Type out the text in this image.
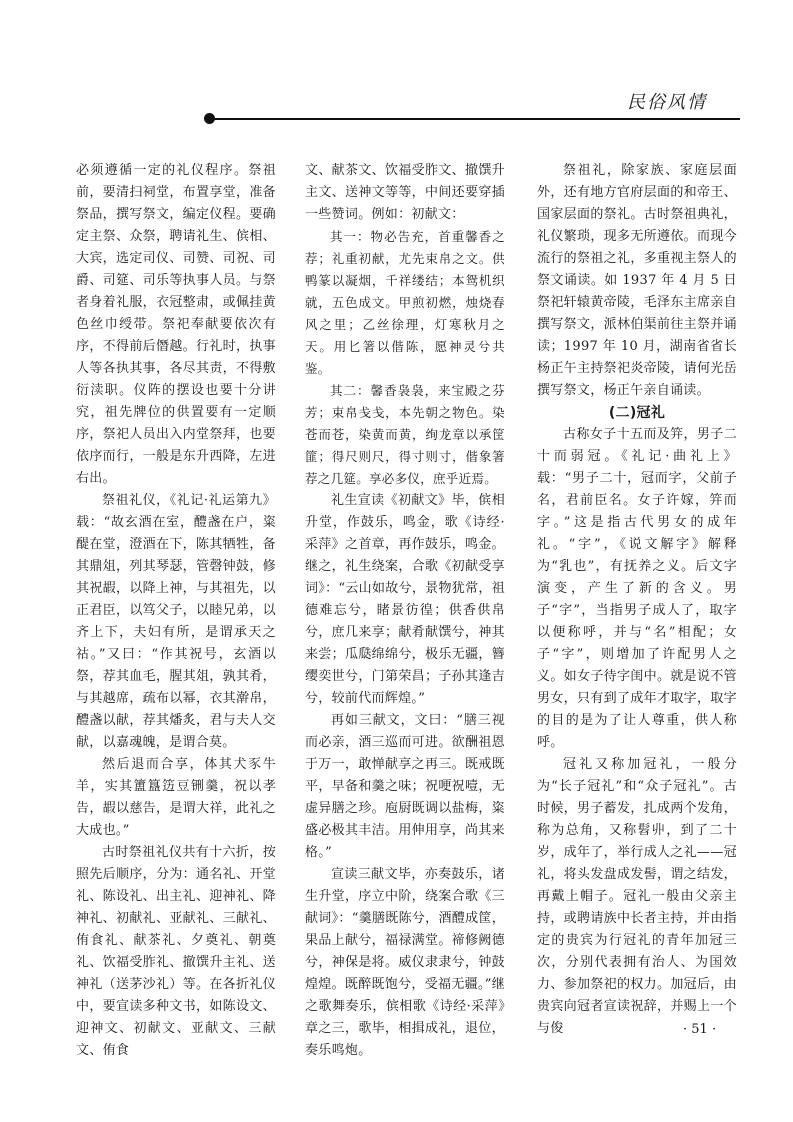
民俗风情

必须遵循一定的礼仪程序。祭祖前，要清扫祠堂，布置享堂，准备祭品，撰写祭文，编定仪程。要确定主祭、众祭，聘请礼生、傧相、大宾，选定司仪、司赞、司祝、司爵、司筵、司乐等执事人员。与祭者身着礼服，衣冠整肃，或佩挂黄色丝巾绶带。祭祀奉献要依次有序，不得前后僭越。行礼时，执事人等各执其事，各尽其责，不得敷衍渎职。仪阵的摆设也要十分讲究，祖先牌位的供置要有一定顺序，祭祀人员出入内堂祭拜，也要依序而行，一般是东升西降，左进右出。

祭祖礼仪，《礼记·礼运第九》载：“故玄酒在室，醴盏在户，粢醍在堂，澄酒在下，陈其牺牲，备其鼎俎，列其琴瑟，管磬钟鼓，修其祝嘏，以降上神，与其祖先，以正君臣，以笃父子，以睦兄弟，以齐上下，夫妇有所，是谓承天之祜。”又曰：“作其祝号，玄酒以祭，荐其血毛，腥其俎，孰其肴，与其越席，疏布以幂，衣其澣帛，醴盏以献，荐其燔炙，君与夫人交献，以嘉魂魄，是谓合莫。

然后退而合享，体其犬豕牛羊，实其簠簋笾豆铏羹，祝以孝告，嘏以慈告，是谓大祥，此礼之大成也。”

古时祭祖礼仪共有十六折，按照先后顺序，分为：通名礼、开堂礼、陈设礼、出主礼、迎神礼、降神礼、初献礼、亚献礼、三献礼、侑食礼、献茶礼、夕奠礼、朝奠礼、饮福受胙礼、撤馔升主礼、送神礼（送茅沙礼）等。在各折礼仪中，要宣读多种文书，如陈设文、迎神文、初献文、亚献文、三献文、侑食

文、献茶文、饮福受胙文、撤馔升主文、送神文等等，中间还要穿插一些赞词。例如：初献文：

其一：物必告充，首重馨香之荐；礼重初献，尤先束帛之文。供鸭篆以凝烟，千祥缕结；本鸳机织就，五色成文。甲煎初燃，烛烧春风之里；乙丝徐理，灯寒秋月之天。用匕箸以偕陈，愿神灵兮共鉴。

其二：馨香袅袅，来宝殿之芬芳；束帛戋戋，本先朝之物色。染苍而苍，染黄而黄，绚龙章以承筐篚；得尺则尺，得寸则寸，偕象箸荐之几筵。享必多仪，庶乎近焉。

礼生宣读《初献文》毕，傧相升堂，作鼓乐，鸣金，歌《诗经·采萍》之首章，再作鼓乐，鸣金。继之，礼生绕案，合歌《初献受享词》：“云山如故兮，景物犹常，祖德难忘兮，睹景彷徨；供香供帛兮，庶几来享；献肴献馔兮，神其来尝；瓜瓞绵绵兮，极乐无疆，簪缨奕世兮，门第荣昌；子孙其逢吉兮，较前代而辉煌。”

再如三献文，文曰：“膳三视而必亲，酒三巡而可进。欲酬祖恩于万一，敢惮献享之再三。既戒既平，早备和羹之味；祝哽祝噎，无虚异膳之珍。庖厨既调以盐梅，粢盛必极其丰洁。用伸用享，尚其来格。”

宣读三献文毕，亦奏鼓乐，诸生升堂，序立中阶，绕案合歌《三献词》：“羹膳既陈兮，酒醴成筐，果品上献兮，福禄满堂。禘修阙德兮，神保是将。威仪隶隶兮，钟鼓煌煌。既醉既饱兮，受福无疆。”继之歌舞奏乐，傧相歌《诗经·采萍》章之三，歌毕，相揖成礼，退位，奏乐鸣炮。

祭祖礼，除家族、家庭层面外，还有地方官府层面的和帝王、国家层面的祭礼。古时祭祖典礼，礼仪繁琐，现多无所遵依。而现今流行的祭祖之礼，多重视主祭人的祭文诵读。如 1937 年 4 月 5 日祭祀轩辕黄帝陵，毛泽东主席亲自撰写祭文，派林伯渠前往主祭并诵读；1997 年 10 月，湖南省省长杨正午主持祭祀炎帝陵，请何光岳撰写祭文，杨正午亲自诵读。

(二)冠礼

古称女子十五而及笄，男子二十而弱冠。《礼记·曲礼上》载：“男子二十，冠而字，父前子名，君前臣名。女子许嫁，笄而字。”这是指古代男女的成年礼。“字”，《说文解字》解释为“乳也”，有抚养之义。后文字演变，产生了新的含义。男子“字”，当指男子成人了，取字以便称呼，并与“名”相配；女子“字”，则增加了许配男人之义。如女子待字闺中。就是说不管男女，只有到了成年才取字，取字的目的是为了让人尊重，供人称呼。

冠礼又称加冠礼，一般分为“长子冠礼”和“众子冠礼”。古时候，男子蓄发，扎成两个发角，称为总角，又称髫丱，到了二十岁，成年了，举行成人之礼——冠礼，将头发盘成发髻，谓之结发，再戴上帽子。冠礼一般由父亲主持，或聘请族中长者主持，并由指定的贵宾为行冠礼的青年加冠三次，分别代表拥有治人、为国效力、参加祭祀的权力。加冠后，由贵宾向冠者宣读祝辞，并赐上一个与俊	· 51 ·
